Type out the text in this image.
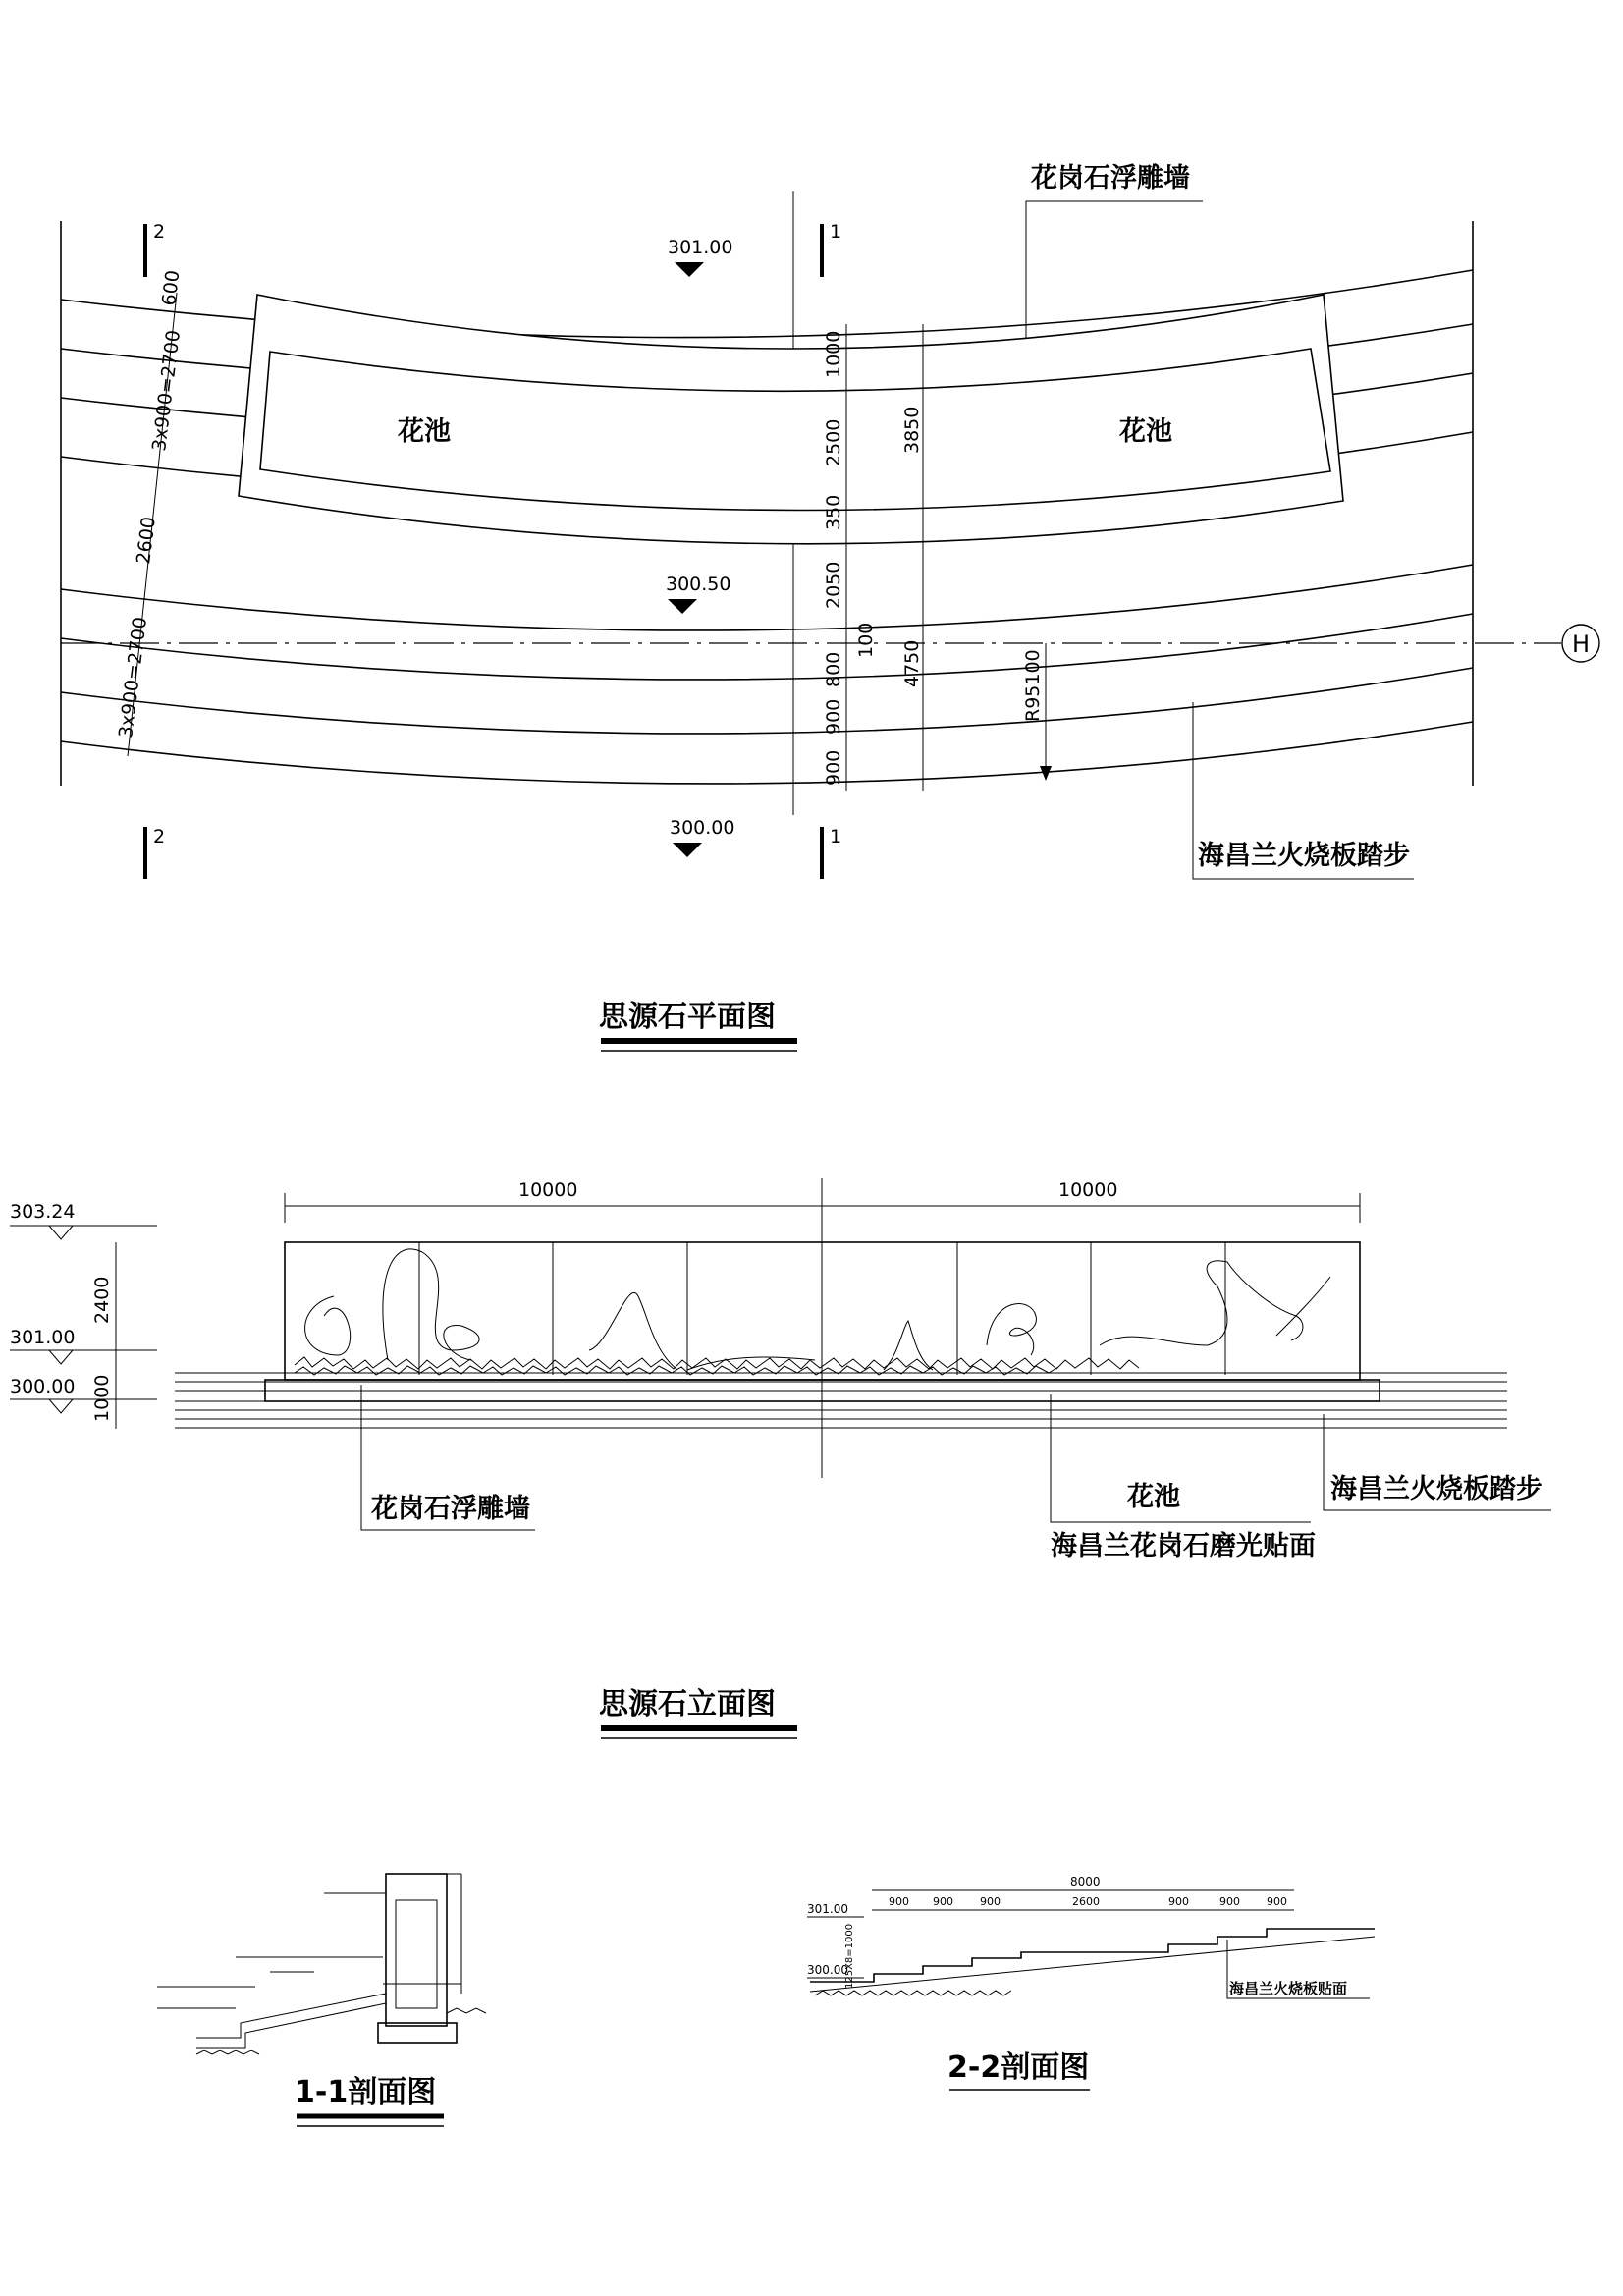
H
2
2
1
1
301.00
300.50
300.00
花池	花池
花岗石浮雕墙
海昌兰火烧板踏步
600
3x900=2700
2600
3x900=2700
1000
2500
350
2050
100
800
900
900
3850
4750	R95100
思源石平面图
10000	10000
303.24
301.00
300.00
2400
1000
花岗石浮雕墙	花池
海昌兰花岗石磨光贴面
海昌兰火烧板踏步
思源石立面图
1-1剖面图
8000
900 900 900	2600	900	900 900
301.00
300.00
125X8=1000	海昌兰火烧板贴面
2-2剖面图
